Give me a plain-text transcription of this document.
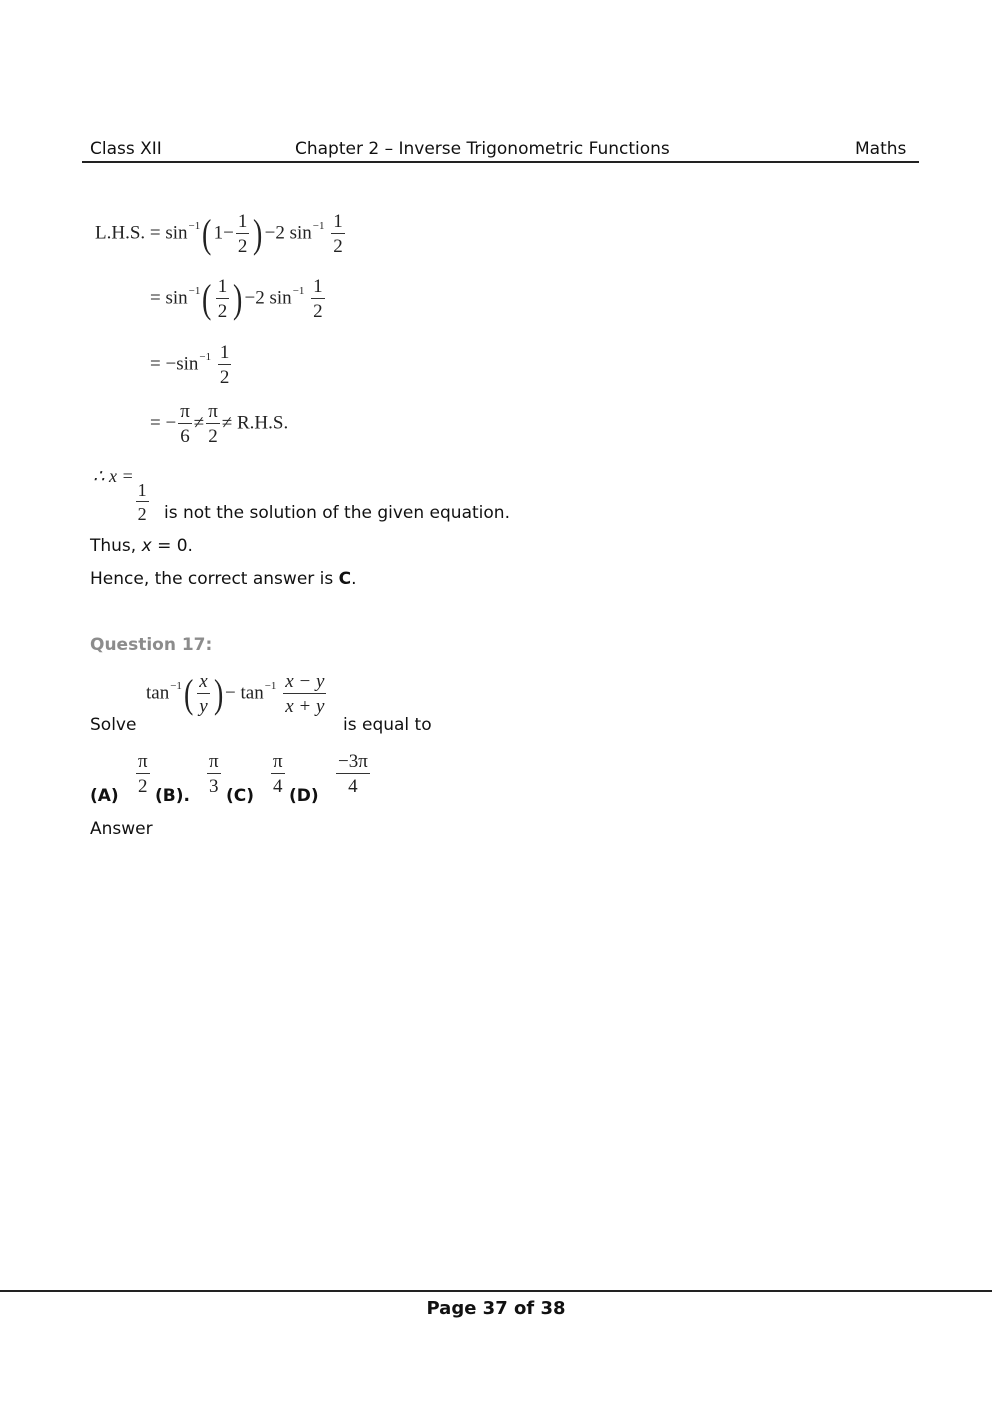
Class XII	Chapter 2 – Inverse Trigonometric Functions	Maths
L.H.S. = $\sin^{-1}$( $1- \frac{1}{2}$ ) −2 $\sin^{-1} \frac{1}{2}$
= $\sin^{-1}( \frac{1}{2}$ ) −2 $\sin^{-1} \frac{1}{2}$
= $-\sin^{-1} \frac{1}{2}$
= − $\frac{\pi}{6} \ne \frac{\pi}{2} \ne R.H.S$.
∴ x =
$\frac{1}{2}$ is not the solution of the given equation.
Thus, x = 0.
Hence, the correct answer is C.
Question 17:
Solve
$\tan^{-1}( \frac{x}{y}$ ) − $\tan^{-1} \frac{x - y}{x + y}$
is equal to
$(A) \frac{\pi}{2} (B)$. $\frac{\pi}{3} (C) \frac{\pi}{4} (D) \frac{-3\pi}{4}$
Answer
Page 37 of 38
